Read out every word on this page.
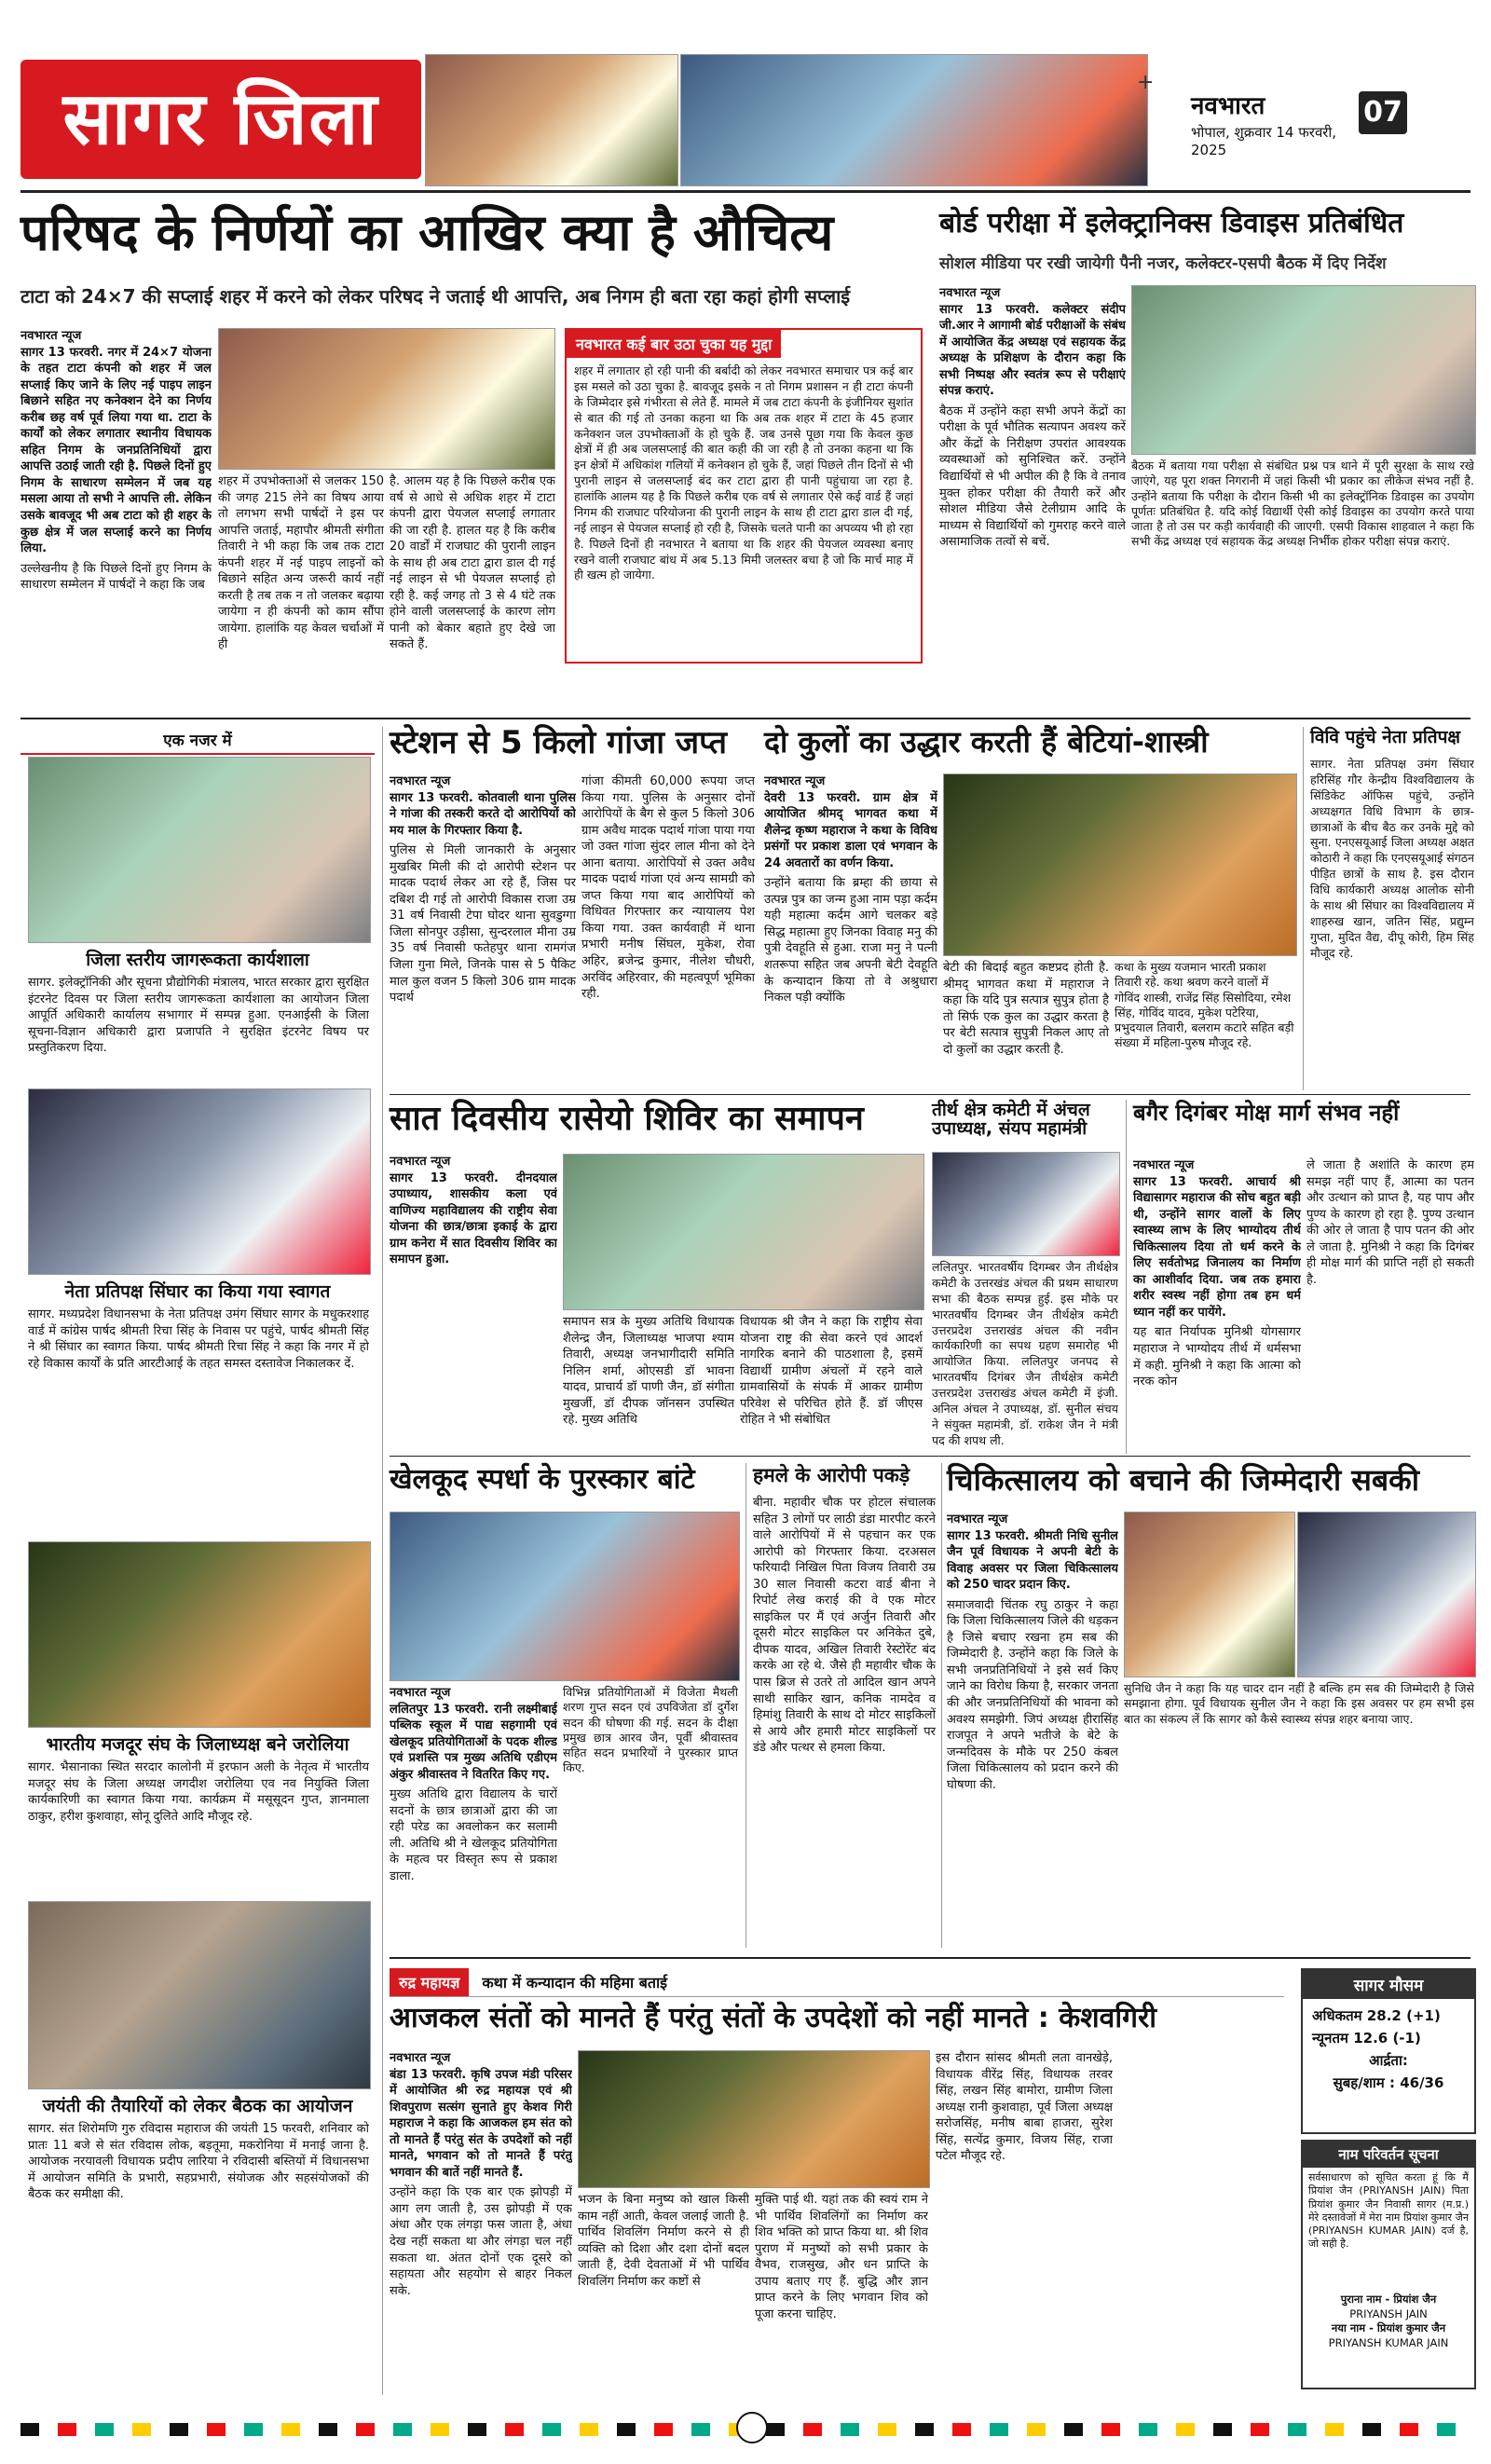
सागर जिला	+
नवभारत	07
भोपाल, शुक्रवार 14 फरवरी, 2025
परिषद के निर्णयों का आखिर क्या है औचित्य
टाटा को 24×7 की सप्लाई शहर में करने को लेकर परिषद ने जताई थी आपत्ति, अब निगम ही बता रहा कहां होगी सप्लाई
नवभारत न्यूज
सागर 13 फरवरी. नगर में 24×7 योजना के तहत टाटा कंपनी को शहर में जल सप्लाई किए जाने के लिए नई पाइप लाइन बिछाने सहित नए कनेक्शन देने का निर्णय करीब छह वर्ष पूर्व लिया गया था. टाटा के कार्यों को लेकर लगातार स्थानीय विधायक सहित निगम के जनप्रतिनिधियों द्वारा आपत्ति उठाई जाती रही है. पिछले दिनों हुए निगम के साधारण सम्मेलन में जब यह मसला आया तो सभी ने आपत्ति ली. लेकिन उसके बावजूद भी अब टाटा को ही शहर के कुछ क्षेत्र में जल सप्लाई करने का निर्णय लिया.
उल्लेखनीय है कि पिछले दिनों हुए निगम के साधारण सम्मेलन में पार्षदों ने कहा कि जब
शहर में उपभोक्ताओं से जलकर 150 की जगह 215 लेने का विषय आया तो लगभग सभी पार्षदों ने इस पर आपत्ति जताई, महापौर श्रीमती संगीता तिवारी ने भी कहा कि जब तक टाटा कंपनी शहर में नई पाइप लाइनों को बिछाने सहित अन्य जरूरी कार्य नहीं करती है तब तक न तो जलकर बढ़ाया जायेगा न ही कंपनी को काम सौंपा जायेगा. हालांकि यह केवल चर्चाओं में ही
है. आलम यह है कि पिछले करीब एक वर्ष से आधे से अधिक शहर में टाटा कंपनी द्वारा पेयजल सप्लाई लगातार की जा रही है. हालत यह है कि करीब 20 वार्डों में राजघाट की पुरानी लाइन के साथ ही अब टाटा द्वारा डाल दी गई नई लाइन से भी पेयजल सप्लाई हो रही है. कई जगह तो 3 से 4 घंटे तक होने वाली जलसप्लाई के कारण लोग पानी को बेकार बहाते हुए देखे जा सकते हैं.
नवभारत कई बार उठा चुका यह मुद्दा
शहर में लगातार हो रही पानी की बर्बादी को लेकर नवभारत समाचार पत्र कई बार इस मसले को उठा चुका है. बावजूद इसके न तो निगम प्रशासन न ही टाटा कंपनी के जिम्मेदार इसे गंभीरता से लेते हैं. मामले में जब टाटा कंपनी के इंजीनियर सुशांत से बात की गई तो उनका कहना था कि अब तक शहर में टाटा के 45 हजार कनेक्शन जल उपभोक्ताओं के हो चुके हैं. जब उनसे पूछा गया कि केवल कुछ क्षेत्रों में ही अब जलसप्लाई की बात कही की जा रही है तो उनका कहना था कि इन क्षेत्रों में अधिकांश गलियों में कनेक्शन हो चुके हैं, जहां पिछले तीन दिनों से भी पुरानी लाइन से जलसप्लाई बंद कर टाटा द्वारा ही पानी पहुंचाया जा रहा है. हालांकि आलम यह है कि पिछले करीब एक वर्ष से लगातार ऐसे कई वार्ड हैं जहां निगम की राजघाट परियोजना की पुरानी लाइन के साथ ही टाटा द्वारा डाल दी गई, नई लाइन से पेयजल सप्लाई हो रही है, जिसके चलते पानी का अपव्यय भी हो रहा है. पिछले दिनों ही नवभारत ने बताया था कि शहर की पेयजल व्यवस्था बनाए रखने वाली राजघाट बांध में अब 5.13 मिमी जलस्तर बचा है जो कि मार्च माह में ही खत्म हो जायेगा.
बोर्ड परीक्षा में इलेक्ट्रानिक्स डिवाइस प्रतिबंधित
सोशल मीडिया पर रखी जायेगी पैनी नजर, कलेक्टर-एसपी बैठक में दिए निर्देश
नवभारत न्यूज
सागर 13 फरवरी. कलेक्टर संदीप जी.आर ने आगामी बोर्ड परीक्षाओं के संबंध में आयोजित केंद्र अध्यक्ष एवं सहायक केंद्र अध्यक्ष के प्रशिक्षण के दौरान कहा कि सभी निष्पक्ष और स्वतंत्र रूप से परीक्षाएं संपन्न कराएं.
बैठक में उन्होंने कहा सभी अपने केंद्रों का परीक्षा के पूर्व भौतिक सत्यापन अवश्य करें और केंद्रों के निरीक्षण उपरांत आवश्यक व्यवस्थाओं को सुनिश्चित करें. उन्होंने विद्यार्थियों से भी अपील की है कि वे तनाव मुक्त होकर परीक्षा की तैयारी करें और सोशल मीडिया जैसे टेलीग्राम आदि के माध्यम से विद्यार्थियों को गुमराह करने वाले असामाजिक तत्वों से बचें.
बैठक में बताया गया परीक्षा से संबंधित प्रश्न पत्र थाने में पूरी सुरक्षा के साथ रखे जाएंगे, यह पूरा शक्त निगरानी में जहां किसी भी प्रकार का लीकेज संभव नहीं है. उन्होंने बताया कि परीक्षा के दौरान किसी भी का इलेक्ट्रॉनिक डिवाइस का उपयोग पूर्णतः प्रतिबंधित है. यदि कोई विद्यार्थी ऐसी कोई डिवाइस का उपयोग करते पाया जाता है तो उस पर कड़ी कार्यवाही की जाएगी. एसपी विकास शाहवाल ने कहा कि सभी केंद्र अध्यक्ष एवं सहायक केंद्र अध्यक्ष निर्भीक होकर परीक्षा संपन्न कराएं.
एक नजर में
जिला स्तरीय जागरूकता कार्यशाला
सागर. इलेक्ट्रॉनिकी और सूचना प्रौद्योगिकी मंत्रालय, भारत सरकार द्वारा सुरक्षित इंटरनेट दिवस पर जिला स्तरीय जागरूकता कार्यशाला का आयोजन जिला आपूर्ति अधिकारी कार्यालय सभागार में सम्पन्न हुआ. एनआईसी के जिला सूचना-विज्ञान अधिकारी द्वारा प्रजापति ने सुरक्षित इंटरनेट विषय पर प्रस्तुतिकरण दिया.
नेता प्रतिपक्ष सिंघार का किया गया स्वागत
सागर. मध्यप्रदेश विधानसभा के नेता प्रतिपक्ष उमंग सिंघार सागर के मधुकरशाह वार्ड में कांग्रेस पार्षद श्रीमती रिचा सिंह के निवास पर पहुंचे, पार्षद श्रीमती सिंह ने श्री सिंघार का स्वागत किया. पार्षद श्रीमती रिचा सिंह ने कहा कि नगर में हो रहे विकास कार्यों के प्रति आरटीआई के तहत समस्त दस्तावेज निकालकर दें.
भारतीय मजदूर संघ के जिलाध्यक्ष बने जरोलिया
सागर. भैसानाका स्थित सरदार कालोनी में इरफान अली के नेतृत्व में भारतीय मजदूर संघ के जिला अध्यक्ष जगदीश जरोलिया एव नव नियुक्ति जिला कार्यकारिणी का स्वागत किया गया. कार्यक्रम में मसूसूदन गुप्त, ज्ञानमाला ठाकुर, हरीश कुशवाहा, सोनू दुलिते आदि मौजूद रहे.
जयंती की तैयारियों को लेकर बैठक का आयोजन
सागर. संत शिरोमणि गुरु रविदास महाराज की जयंती 15 फरवरी, शनिवार को प्रातः 11 बजे से संत रविदास लोक, बड़तूमा, मकरोनिया में मनाई जाना है. आयोजक नरयावली विधायक प्रदीप लारिया ने रविदासी बस्तियों में विधानसभा में आयोजन समिति के प्रभारी, सहप्रभारी, संयोजक और सहसंयोजकों की बैठक कर समीक्षा की.
स्टेशन से 5 किलो गांजा जप्त
नवभारत न्यूज
सागर 13 फरवरी. कोतवाली थाना पुलिस ने गांजा की तस्करी करते दो आरोपियों को मय माल के गिरफ्तार किया है.
पुलिस से मिली जानकारी के अनुसार मुखबिर मिली की दो आरोपी स्टेशन पर मादक पदार्थ लेकर आ रहे हैं, जिस पर दबिश दी गई तो आरोपी विकास राजा उम्र 31 वर्ष निवासी टेपा घोदर थाना सुवडुग्गा जिला सोनपुर उड़ीसा, सुन्दरलाल मीना उम्र 35 वर्ष निवासी फतेहपुर थाना रामगंज जिला गुना मिले, जिनके पास से 5 पैकिट माल कुल वजन 5 किलो 306 ग्राम मादक पदार्थ
गांजा कीमती 60,000 रूपया जप्त किया गया. पुलिस के अनुसार दोनों आरोपियों के बैग से कुल 5 किलो 306 ग्राम अवैध मादक पदार्थ गांजा पाया गया जो उक्त गांजा सुंदर लाल मीना को देने आना बताया. आरोपियों से उक्त अवैध मादक पदार्थ गांजा एवं अन्य सामग्री को जप्त किया गया बाद आरोपियों को विधिवत गिरफ्तार कर न्यायालय पेश किया गया. उक्त कार्यवाही में थाना प्रभारी मनीष सिंघल, मुकेश, रोवा अहिर, ब्रजेन्द्र कुमार, नीलेश चौधरी, अरविंद अहिरवार, की महत्वपूर्ण भूमिका रही.
दो कुलों का उद्धार करती हैं बेटियां-शास्त्री
नवभारत न्यूज
देवरी 13 फरवरी. ग्राम क्षेत्र में आयोजित श्रीमद् भागवत कथा में शैलेन्द्र कृष्ण महाराज ने कथा के विविध प्रसंगों पर प्रकाश डाला एवं भगवान के 24 अवतारों का वर्णन किया.
उन्होंने बताया कि ब्रम्हा की छाया से उत्पन्न पुत्र का जन्म हुआ नाम पड़ा कर्दम यही महात्मा कर्दम आगे चलकर बड़े सिद्ध महात्मा हुए जिनका विवाह मनु की पुत्री देवहूति से हुआ. राजा मनु ने पत्नी शतरूपा सहित जब अपनी बेटी देवहूति के कन्यादान किया तो वे अश्रुधारा निकल पड़ी क्योंकि
बेटी की बिदाई बहुत कष्टप्रद होती है. श्रीमद् भागवत कथा में महाराज ने कहा कि यदि पुत्र सत्पात्र सुपुत्र होता है तो सिर्फ एक कुल का उद्धार करता है पर बेटी सत्पात्र सुपुत्री निकल आए तो दो कुलों का उद्धार करती है.
कथा के मुख्य यजमान भारती प्रकाश तिवारी रहे. कथा श्रवण करने वालों में गोविंद शास्त्री, राजेंद्र सिंह सिसोदिया, रमेश सिंह, गोविंद यादव, मुकेश पटेरिया, प्रभुदयाल तिवारी, बलराम कटारे सहित बड़ी संख्या में महिला-पुरुष मौजूद रहे.
विवि पहुंचे नेता प्रतिपक्ष
सागर. नेता प्रतिपक्ष उमंग सिंघार हरिसिंह गौर केन्द्रीय विश्वविद्यालय के सिंडिकेट ऑफिस पहुंचे, उन्होंने अध्यक्षगत विधि विभाग के छात्र-छात्राओं के बीच बैठ कर उनके मुद्दे को सुना. एनएसयूआई जिला अध्यक्ष अक्षत कोठारी ने कहा कि एनएसयूआई संगठन पीड़ित छात्रों के साथ है. इस दौरान विधि कार्यकारी अध्यक्ष आलोक सोनी के साथ श्री सिंघार का विश्वविद्यालय में शाहरुख खान, जतिन सिंह, प्रद्युम्न गुप्ता, मुदित वैद्य, दीपू कोरी, हिम सिंह मौजूद रहे.
सात दिवसीय रासेयो शिविर का समापन
नवभारत न्यूज
सागर 13 फरवरी. दीनदयाल उपाध्याय, शासकीय कला एवं वाणिज्य महाविद्यालय की राष्ट्रीय सेवा योजना की छात्र/छात्रा इकाई के द्वारा ग्राम कनेरा में सात दिवसीय शिविर का समापन हुआ.
समापन सत्र के मुख्य अतिथि विधायक शैलेन्द्र जैन, जिलाध्यक्ष भाजपा श्याम तिवारी, अध्यक्ष जनभागीदारी समिति निलिन शर्मा, ओएसडी डॉ भावना यादव, प्राचार्य डॉ पाणी जैन, डॉ संगीता मुखर्जी, डॉ दीपक जॉनसन उपस्थित रहे. मुख्य अतिथि
विधायक श्री जैन ने कहा कि राष्ट्रीय सेवा योजना राष्ट्र की सेवा करने एवं आदर्श नागरिक बनाने की पाठशाला है, इसमें विद्यार्थी ग्रामीण अंचलों में रहने वाले ग्रामवासियों के संपर्क में आकर ग्रामीण परिवेश से परिचित होते हैं. डॉ जीएस रोहित ने भी संबोधित
तीर्थ क्षेत्र कमेटी में अंचल उपाध्यक्ष, संयप महामंत्री
ललितपुर. भारतवर्षीय दिगम्बर जैन तीर्थक्षेत्र कमेटी के उत्तरखंड अंचल की प्रथम साधारण सभा की बैठक सम्पन्न हुई. इस मौके पर भारतवर्षीय दिगम्बर जैन तीर्थक्षेत्र कमेटी उत्तरप्रदेश उत्तराखंड अंचल की नवीन कार्यकारिणी का सपथ ग्रहण समारोह भी आयोजित किया. ललितपुर जनपद से भारतवर्षीय दिगंबर जैन तीर्थक्षेत्र कमेटी उत्तरप्रदेश उत्तराखंड अंचल कमेटी में इंजी. अनिल अंचल ने उपाध्यक्ष, डॉ. सुनील संचय ने संयुक्त महामंत्री, डॉ. राकेश जैन ने मंत्री पद की शपथ ली.
बगैर दिगंबर मोक्ष मार्ग संभव नहीं
नवभारत न्यूज
सागर 13 फरवरी. आचार्य श्री विद्यासागर महाराज की सोच बहुत बड़ी थी, उन्होंने सागर वालों के लिए स्वास्थ्य लाभ के लिए भाग्योदय तीर्थ चिकित्सालय दिया तो धर्म करने के लिए सर्वतोभद्र जिनालय का निर्माण का आशीर्वाद दिया. जब तक हमारा शरीर स्वस्थ नहीं होगा तब हम धर्म ध्यान नहीं कर पायेंगे.
यह बात निर्यापक मुनिश्री योगसागर महाराज ने भाग्योदय तीर्थ में धर्मसभा में कही. मुनिश्री ने कहा कि आत्मा को नरक कोन
ले जाता है अशांति के कारण हम समझ नहीं पाए हैं, आत्मा का पतन और उत्थान को प्राप्त है, यह पाप और पुण्य के कारण हो रहा है. पुण्य उत्थान की ओर ले जाता है पाप पतन की ओर ले जाता है. मुनिश्री ने कहा कि दिगंबर ही मोक्ष मार्ग की प्राप्ति नहीं हो सकती है.
खेलकूद स्पर्धा के पुरस्कार बांटे
नवभारत न्यूज
ललितपुर 13 फरवरी. रानी लक्ष्मीबाई पब्लिक स्कूल में पाद्य सहगामी एवं खेलकूद प्रतियोगिताओं के पदक शील्ड एवं प्रशस्ति पत्र मुख्य अतिथि एडीएम अंकुर श्रीवास्तव ने वितरित किए गए.
मुख्य अतिथि द्वारा विद्यालय के चारों सदनों के छात्र छात्राओं द्वारा की जा रही परेड का अवलोकन कर सलामी ली. अतिथि श्री ने खेलकूद प्रतियोगिता के महत्व पर विस्तृत रूप से प्रकाश डाला.
विभिन्न प्रतियोगिताओं में विजेता मैथली शरण गुप्त सदन एवं उपविजेता डॉ दुर्गेश सदन की घोषणा की गई. सदन के दीक्षा प्रमुख छात्र आरव जैन, पूर्वी श्रीवास्तव सहित सदन प्रभारियों ने पुरस्कार प्राप्त किए.
हमले के आरोपी पकड़े
बीना. महावीर चौक पर होटल संचालक सहित 3 लोगों पर लाठी डंडा मारपीट करने वाले आरोपियों में से पहचान कर एक आरोपी को गिरफ्तार किया. दरअसल फरियादी निखिल पिता विजय तिवारी उम्र 30 साल निवासी कटरा वार्ड बीना ने रिपोर्ट लेख कराई की वे एक मोटर साइकिल पर मैं एवं अर्जुन तिवारी और दूसरी मोटर साइकिल पर अनिकेत दुबे, दीपक यादव, अखिल तिवारी रेस्टोरेंट बंद करके आ रहे थे. जैसे ही महावीर चौक के पास ब्रिज से उतरे तो आदिल खान अपने साथी साकिर खान, कनिक नामदेव व हिमांशु तिवारी के साथ दो मोटर साइकिलों से आये और हमारी मोटर साइकिलों पर डंडे और पत्थर से हमला किया.
चिकित्सालय को बचाने की जिम्मेदारी सबकी
नवभारत न्यूज
सागर 13 फरवरी. श्रीमती निधि सुनील जैन पूर्व विधायक ने अपनी बेटी के विवाह अवसर पर जिला चिकित्सालय को 250 चादर प्रदान किए.
समाजवादी चिंतक रघु ठाकुर ने कहा कि जिला चिकित्सालय जिले की धड़कन है जिसे बचाए रखना हम सब की जिम्मेदारी है. उन्होंने कहा कि जिले के सभी जनप्रतिनिधियों ने इसे सर्व किए जाने का विरोध किया है, सरकार जनता की और जनप्रतिनिधियों की भावना को अवश्य समझेगी. जिपं अध्यक्ष हीरासिंह राजपूत ने अपने भतीजे के बेटे के जन्मदिवस के मौके पर 250 कंबल जिला चिकित्सालय को प्रदान करने की घोषणा की.
सुनिधि जैन ने कहा कि यह चादर दान नहीं है बल्कि हम सब की जिम्मेदारी है जिसे समझाना होगा. पूर्व विधायक सुनील जैन ने कहा कि इस अवसर पर हम सभी इस बात का संकल्प लें कि सागर को कैसे स्वास्थ्य संपन्न शहर बनाया जाए.
रुद्र महायज्ञ	कथा में कन्यादान की महिमा बताई
आजकल संतों को मानते हैं परंतु संतों के उपदेशों को नहीं मानते : केशवगिरी
नवभारत न्यूज
बंडा 13 फरवरी. कृषि उपज मंडी परिसर में आयोजित श्री रुद्र महायज्ञ एवं श्री शिवपुराण सत्संग सुनाते हुए केशव गिरी महाराज ने कहा कि आजकल हम संत को तो मानते हैं परंतु संत के उपदेशों को नहीं मानते, भगवान को तो मानते हैं परंतु भगवान की बातें नहीं मानते हैं.
उन्होंने कहा कि एक बार एक झोपड़ी में आग लग जाती है, उस झोपड़ी में एक अंधा और एक लंगड़ा फस जाता है, अंधा देख नहीं सकता था और लंगड़ा चल नहीं सकता था. अंतत दोनों एक दूसरे को सहायता और सहयोग से बाहर निकल सके.
भजन के बिना मनुष्य को खाल किसी काम नहीं आती, केवल जलाई जाती है. पार्थिव शिवलिंग निर्माण करने से ही व्यक्ति को दिशा और दशा दोनों बदल जाती हैं, देवी देवताओं में भी पार्थिव शिवलिंग निर्माण कर कष्टों से
मुक्ति पाई थी. यहां तक की स्वयं राम ने भी पार्थिव शिवलिंगों का निर्माण कर शिव भक्ति को प्राप्त किया था. श्री शिव पुराण में मनुष्यों को सभी प्रकार के वैभव, राजसुख, और धन प्राप्ति के उपाय बताए गए हैं. बुद्धि और ज्ञान प्राप्त करने के लिए भगवान शिव को पूजा करना चाहिए.
इस दौरान सांसद श्रीमती लता वानखेड़े, विधायक वीरेंद्र सिंह, विधायक तरवर सिंह, लखन सिंह बामोरा, ग्रामीण जिला अध्यक्ष रानी कुशवाहा, पूर्व जिला अध्यक्ष सरोजसिंह, मनीष बाबा हाजरा, सुरेश सिंह, सत्येंद्र कुमार, विजय सिंह, राजा पटेल मौजूद रहे.
सागर मौसम
अधिकतम 28.2 (+1)
न्यूनतम 12.6 (-1)
आर्द्रता:
सुबह/शाम : 46/36
नाम परिवर्तन सूचना
सर्वसाधारण को सूचित करता हूं कि मैं प्रियांश जैन (PRIYANSH JAIN) पिता प्रियांश कुमार जैन निवासी सागर (म.प्र.) मेरे दस्तावेजों में मेरा नाम प्रियांश कुमार जैन (PRIYANSH KUMAR JAIN) दर्ज है, जो सही है.
पुराना नाम - प्रियांश जैन
PRIYANSH JAIN
नया नाम - प्रियांश कुमार जैन
PRIYANSH KUMAR JAIN
